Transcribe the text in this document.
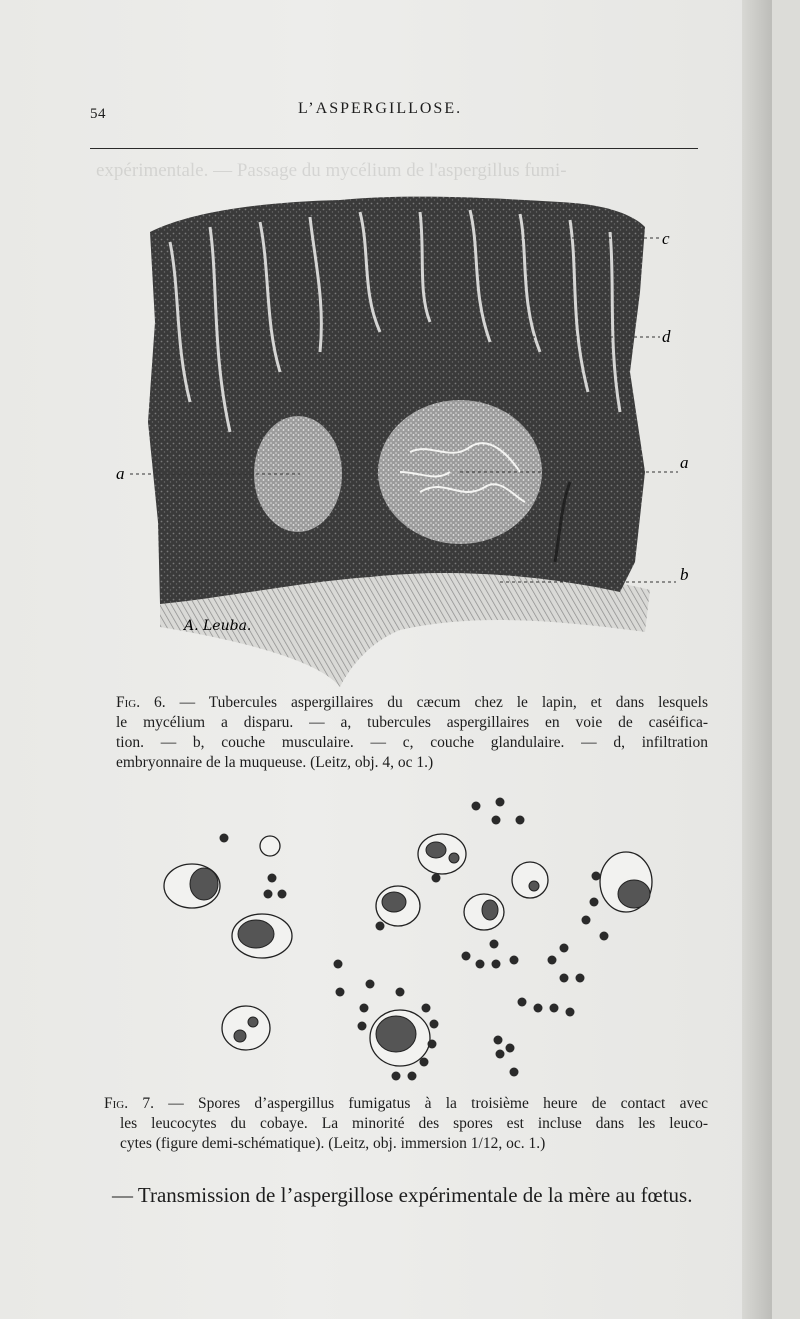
expérimentale. — Passage du mycélium de l'aspergillus fumi-
54	L’ASPERGILLOSE.
c
d
a
a
b
A. Leuba.
Fig. 6. — Tubercules aspergillaires du cæcum chez le lapin, et dans lesquels
le mycélium a disparu. — a, tubercules aspergillaires en voie de caséifica-
tion. — b, couche musculaire. — c, couche glandulaire. — d, infiltration
embryonnaire de la muqueuse. (Leitz, obj. 4, oc 1.)
Fig. 7. — Spores d’aspergillus fumigatus à la troisième heure de contact avec
les leucocytes du cobaye. La minorité des spores est incluse dans les leuco-
cytes (figure demi-schématique). (Leitz, obj. immersion 1/12, oc. 1.)
— Transmission de l’aspergillose expérimentale de la mère au fœtus.
